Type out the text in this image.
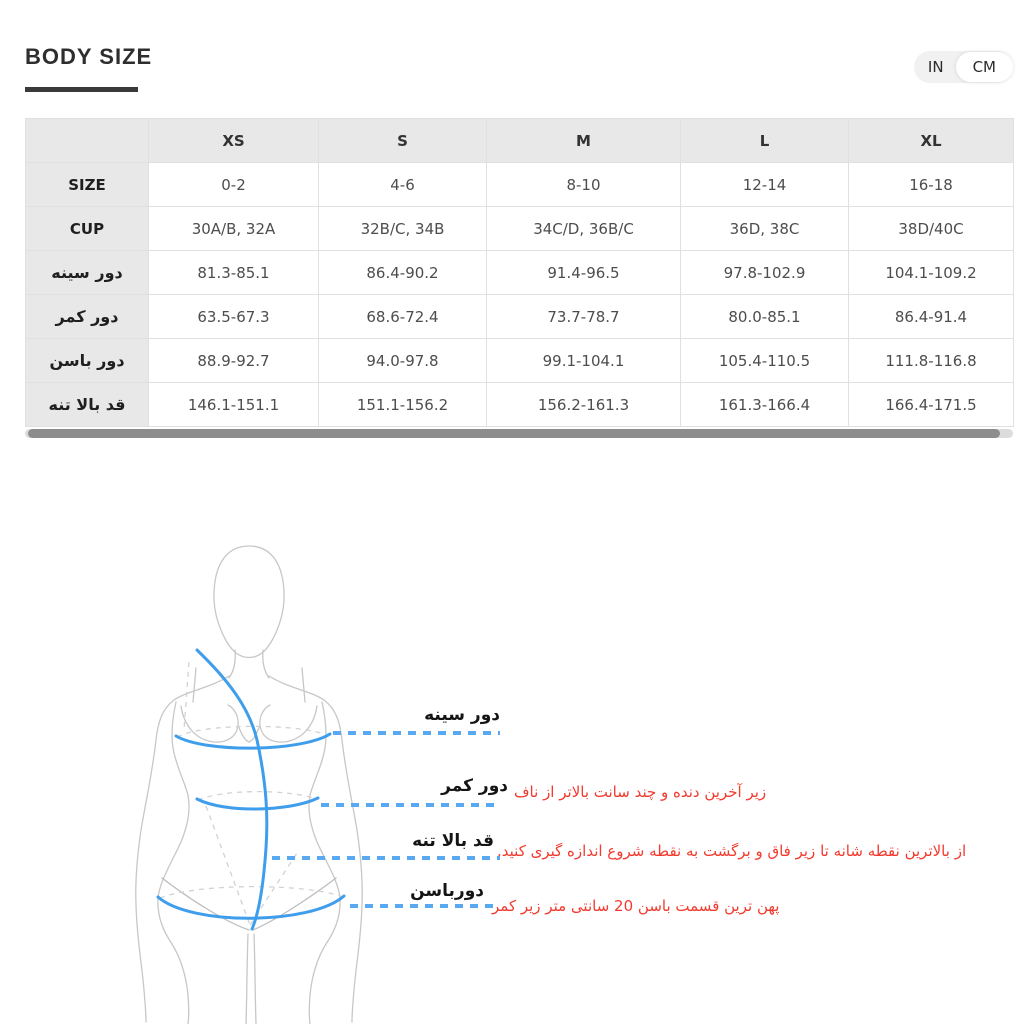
BODY SIZE	IN	CM
	XS	S	M	L	XL
SIZE	0-2	4-6	8-10	12-14	16-18
CUP	30A/B, 32A	32B/C, 34B	34C/D, 36B/C	36D, 38C	38D/40C
دور سینه	81.3-85.1	86.4-90.2	91.4-96.5	97.8-102.9	104.1-109.2
دور کمر	63.5-67.3	68.6-72.4	73.7-78.7	80.0-85.1	86.4-91.4
دور باسن	88.9-92.7	94.0-97.8	99.1-104.1	105.4-110.5	111.8-116.8
قد بالا تنه	146.1-151.1	151.1-156.2	156.2-161.3	161.3-166.4	166.4-171.5
دور سینه
دور کمر زیر آخرین دنده و چند سانت بالاتر از ناف
قد بالا تنه از بالاترین نقطه شانه تا زیر فاق و برگشت به نقطه شروع اندازه گیری کنید.
دورباسن
پهن ترین قسمت باسن 20 سانتی متر زیر کمر
